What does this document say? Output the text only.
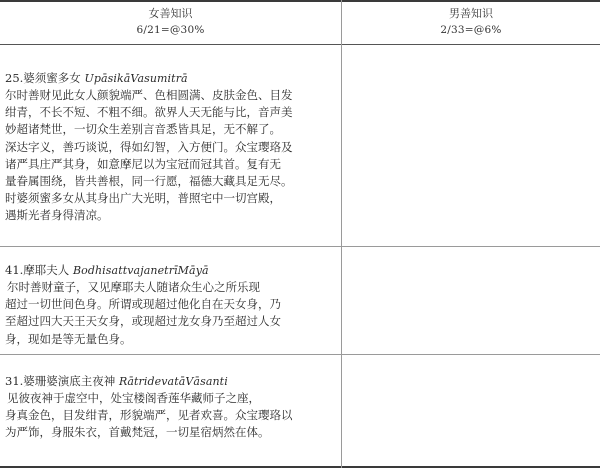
女善知识
6/21=@30%
男善知识
2/33=@6%
25.婆须蜜多女 UpāsikāVasumitrā
尔时善财见此女人颜貌端严、色相圆满、皮肤金色、目发
绀青，不长不短、不粗不细。欲界人天无能与比，音声美
妙超诸梵世，一切众生差别言音悉皆具足，无不解了。
深达字义，善巧谈说，得如幻智，入方便门。众宝璎珞及
诸严具庄严其身，如意摩尼以为宝冠而冠其首。复有无
量眷属围绕，皆共善根，同一行愿，福德大藏具足无尽。
时婆须蜜多女从其身出广大光明，普照宅中一切宫殿，
遇斯光者身得清凉。
41.摩耶夫人 BodhisattvajanetrīMāyā
尔时善财童子，又见摩耶夫人随诸众生心之所乐现
超过一切世间色身。所谓或现超过他化自在天女身，乃
至超过四大天王天女身，或现超过龙女身乃至超过人女
身，现如是等无量色身。
31.婆珊婆演底主夜神 RātridevatāVāsanti
见彼夜神于虚空中，处宝楼阁香莲华藏师子之座，
身真金色，目发绀青，形貌端严，见者欢喜。众宝璎珞以
为严饰，身服朱衣，首戴梵冠，一切星宿炳然在体。
